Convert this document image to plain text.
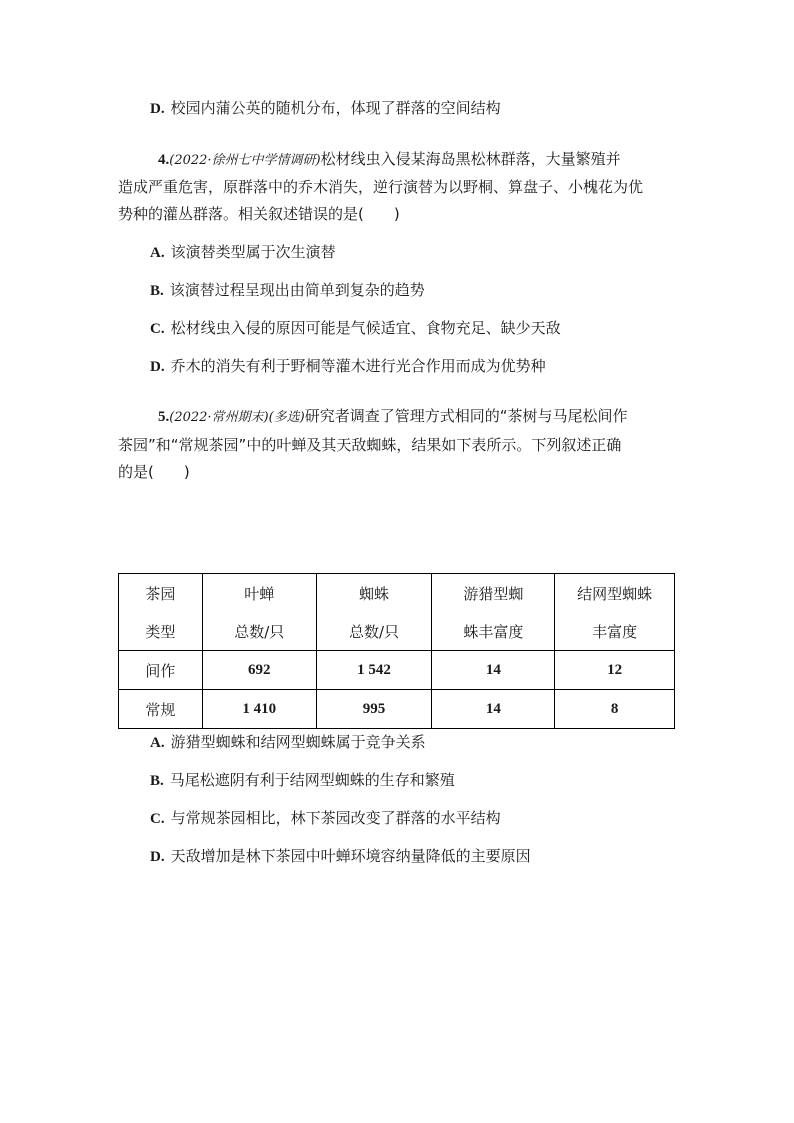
D. 校园内蒲公英的随机分布，体现了群落的空间结构
4.(2022·徐州七中学情调研)松材线虫入侵某海岛黑松林群落，大量繁殖并
造成严重危害，原群落中的乔木消失，逆行演替为以野桐、算盘子、小槐花为优
势种的灌丛群落。相关叙述错误的是(　　)
A. 该演替类型属于次生演替
B. 该演替过程呈现出由简单到复杂的趋势
C. 松材线虫入侵的原因可能是气候适宜、食物充足、缺少天敌
D. 乔木的消失有利于野桐等灌木进行光合作用而成为优势种
5.(2022·常州期末)(多选)研究者调查了管理方式相同的“茶树与马尾松间作
茶园”和“常规茶园”中的叶蝉及其天敌蜘蛛，结果如下表所示。下列叙述正确
的是(　　)
茶园	叶蝉	蜘蛛	游猎型蜘	结网型蜘蛛
类型	总数/只	总数/只	蛛丰富度	丰富度
间作	692	1 542	14	12
常规	1 410	995	14	8
A. 游猎型蜘蛛和结网型蜘蛛属于竞争关系
B. 马尾松遮阴有利于结网型蜘蛛的生存和繁殖
C. 与常规茶园相比，林下茶园改变了群落的水平结构
D. 天敌增加是林下茶园中叶蝉环境容纳量降低的主要原因
